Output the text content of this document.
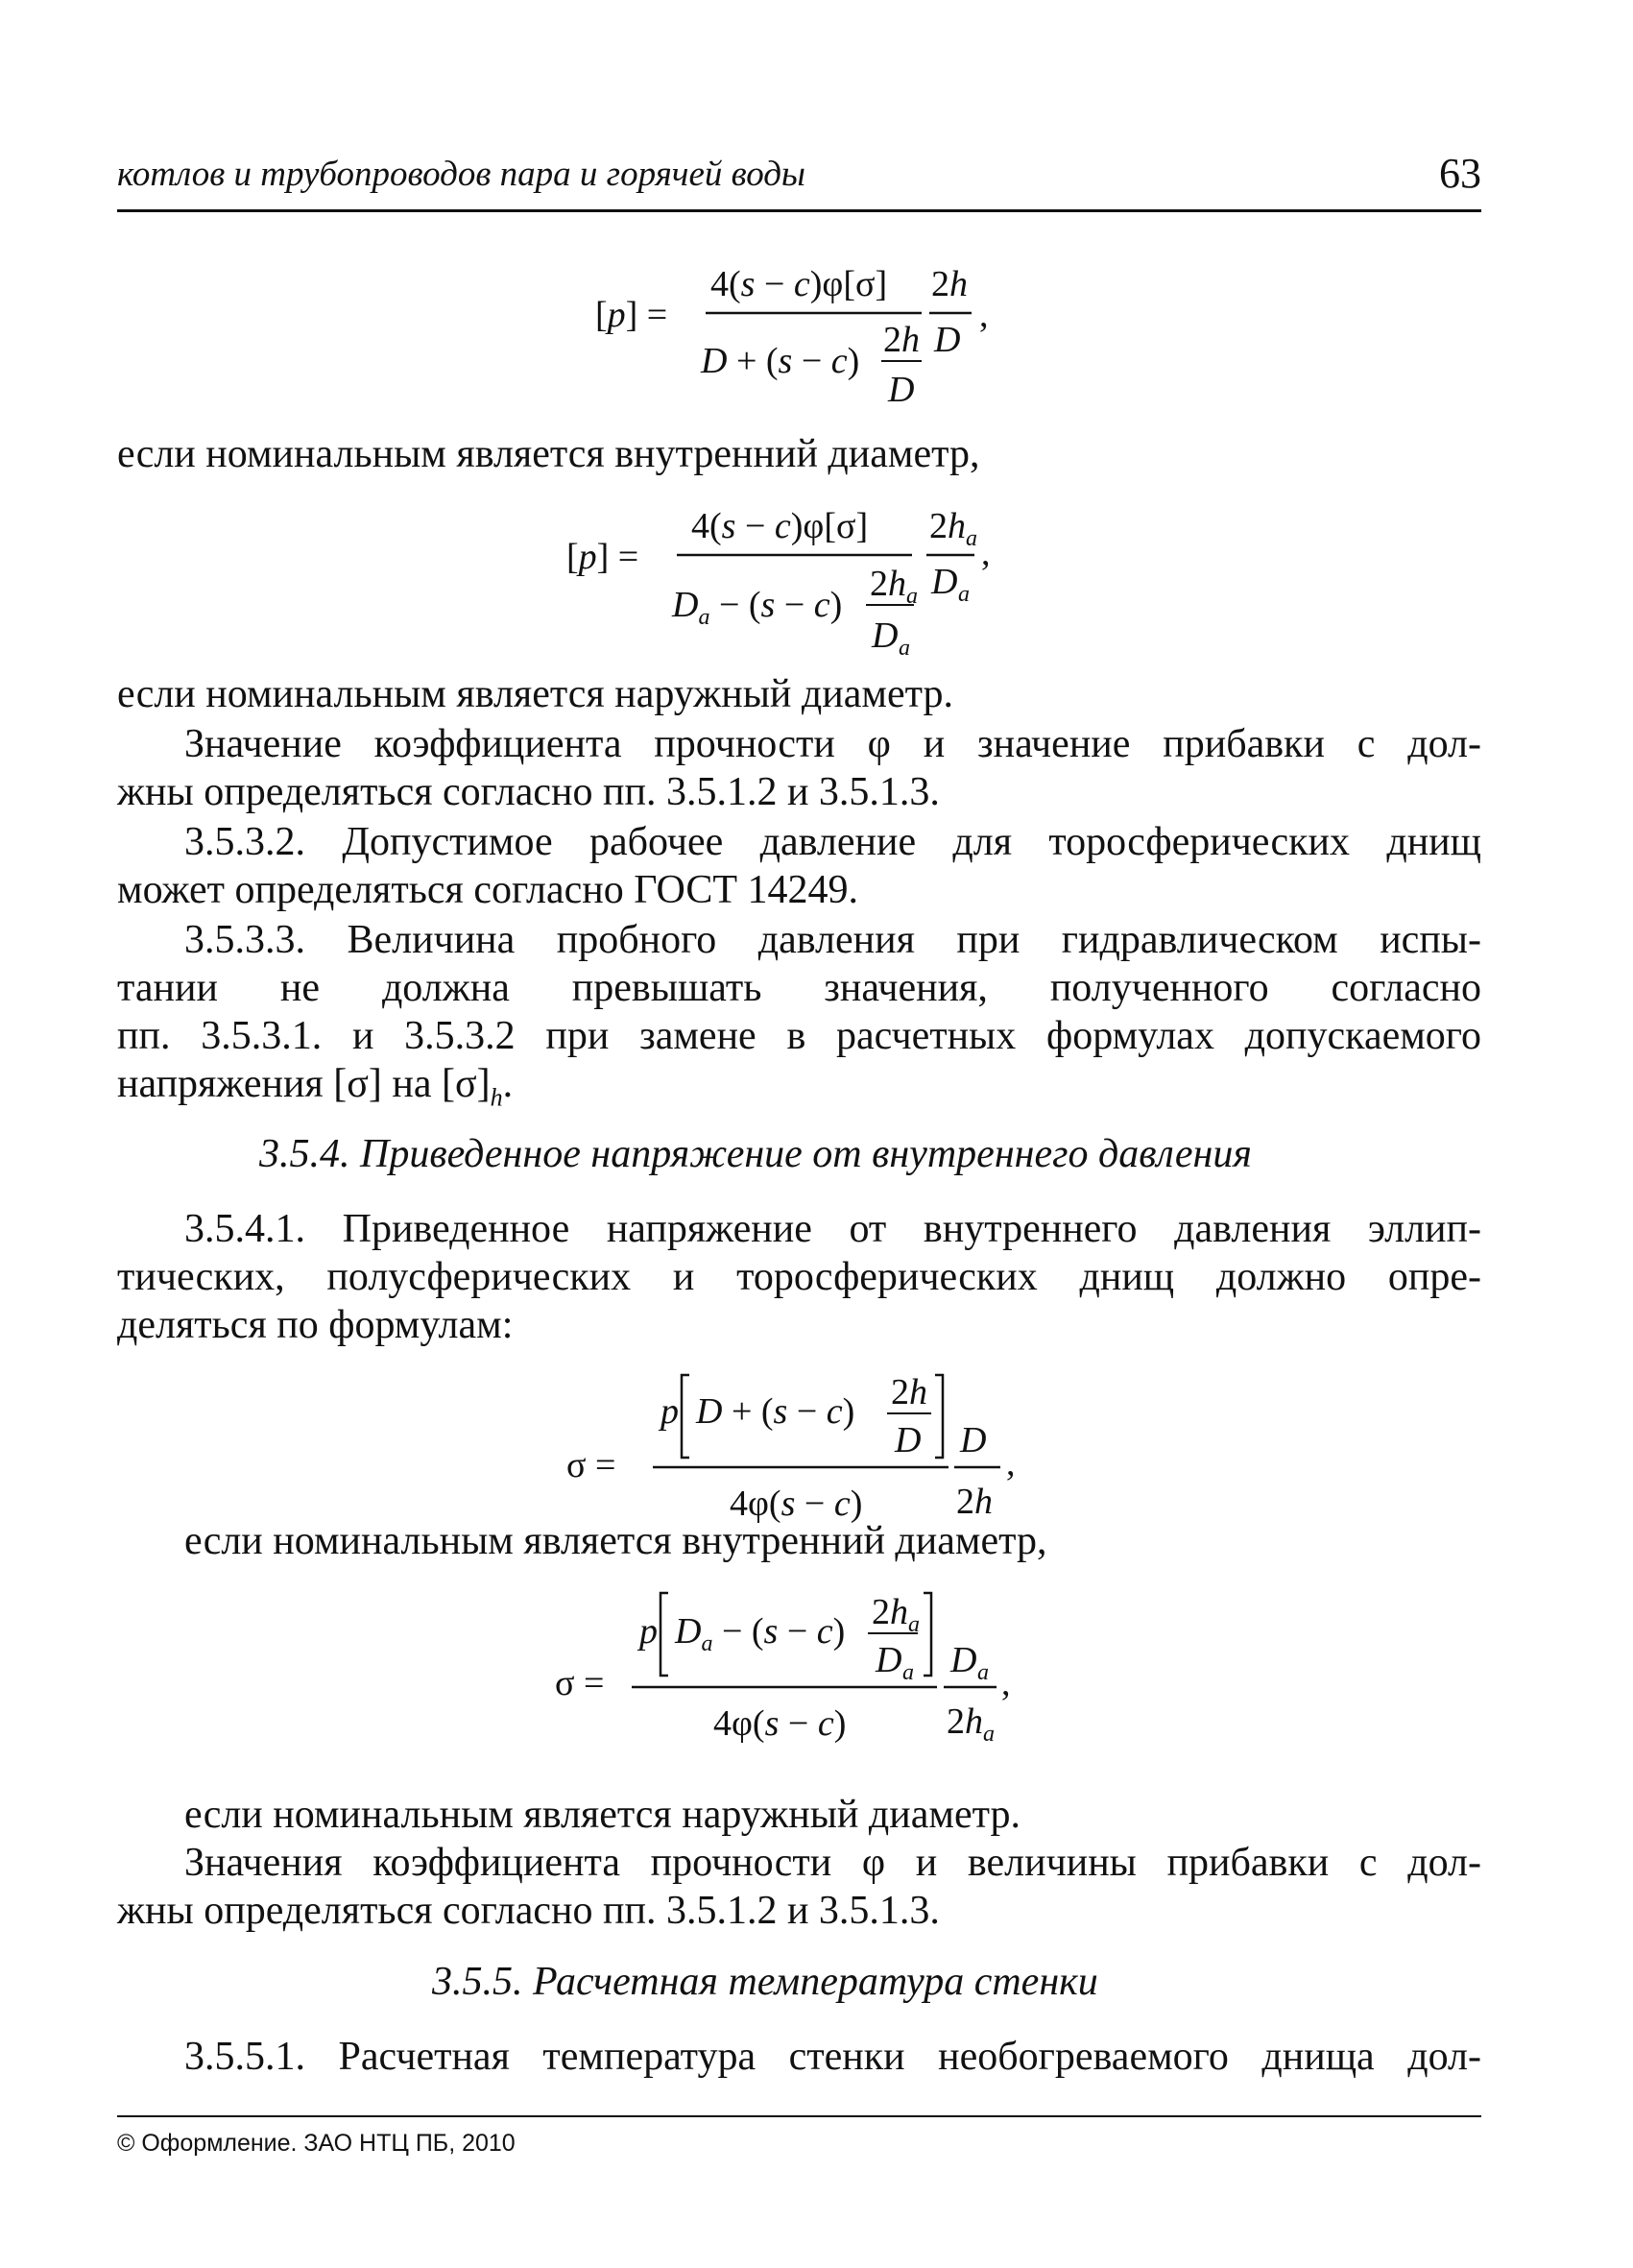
котлов и трубопроводов пара и горячей воды	63
[p] =
4(s − c)φ[σ]
D + (s − c)
2h
D
2h
D
,
если номинальным является внутренний диаметр,
[p] =
4(s − c)φ[σ]
$D_a - (s - c)$
$2h_a$
D a
$2h_a$
D a
,
если номинальным является наружный диаметр.
Значение коэффициента прочности φ и значение прибавки c дол-
жны определяться согласно пп. 3.5.1.2 и 3.5.1.3.
3.5.3.2. Допустимое рабочее давление для торосферических днищ
может определяться согласно ГОСТ 14249.
3.5.3.3. Величина пробного давления при гидравлическом испы-
тании не должна превышать значения, полученного согласно
пп. 3.5.3.1. и 3.5.3.2 при замене в расчетных формулах допускаемого
напряжения [σ] на $[\sigma]_h$.
3.5.4. Приведенное напряжение от внутреннего давления
3.5.4.1. Приведенное напряжение от внутреннего давления эллип-
тических, полусферических и торосферических днищ должно опре-
деляться по формулам:
σ =
p D + (s − c) 2h
D
4φ(s − c)
D
2h
,
если номинальным является внутренний диаметр,
σ =
p $D_a - (s - c)$ $2h_a$
D a
4φ(s − c)
D a
$2h_a$
,
если номинальным является наружный диаметр.
Значения коэффициента прочности φ и величины прибавки c дол-
жны определяться согласно пп. 3.5.1.2 и 3.5.1.3.
3.5.5. Расчетная температура стенки
3.5.5.1. Расчетная температура стенки необогреваемого днища дол-
© Оформление. ЗАО НТЦ ПБ, 2010
